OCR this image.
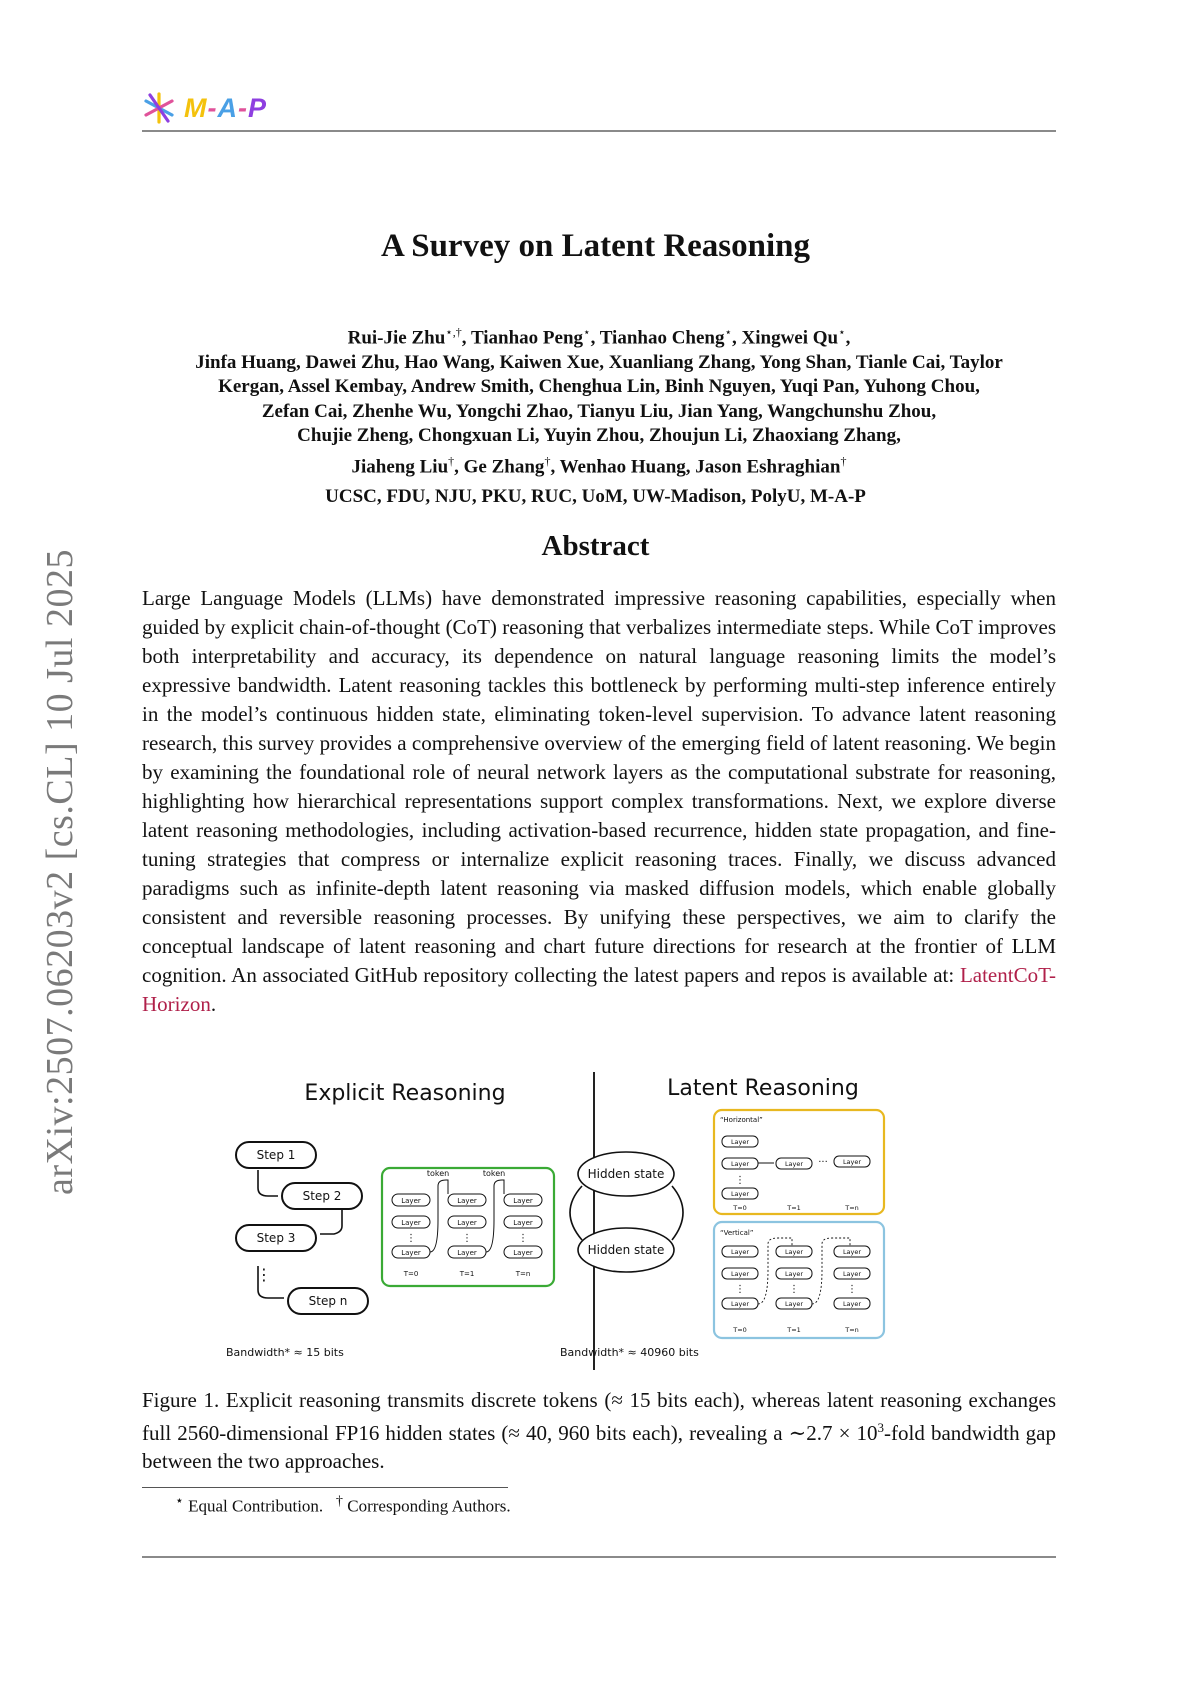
M-A-P
A Survey on Latent Reasoning
Rui-Jie Zhu⋆,†, Tianhao Peng⋆, Tianhao Cheng⋆, Xingwei Qu⋆,
Jinfa Huang, Dawei Zhu, Hao Wang, Kaiwen Xue, Xuanliang Zhang, Yong Shan, Tianle Cai, Taylor
Kergan, Assel Kembay, Andrew Smith, Chenghua Lin, Binh Nguyen, Yuqi Pan, Yuhong Chou,
Zefan Cai, Zhenhe Wu, Yongchi Zhao, Tianyu Liu, Jian Yang, Wangchunshu Zhou,
Chujie Zheng, Chongxuan Li, Yuyin Zhou, Zhoujun Li, Zhaoxiang Zhang,
Jiaheng Liu†, Ge Zhang†, Wenhao Huang, Jason Eshraghian†
UCSC, FDU, NJU, PKU, RUC, UoM, UW-Madison, PolyU, M-A-P
Abstract
Large Language Models (LLMs) have demonstrated impressive reasoning capabilities, especially when guided by explicit chain-of-thought (CoT) reasoning that verbalizes intermediate steps. While CoT improves both interpretability and accuracy, its dependence on natural language reasoning limits the model’s expressive bandwidth. Latent reasoning tackles this bottleneck by performing multi-step inference entirely in the model’s continuous hidden state, eliminating token-level supervision. To advance latent reasoning research, this survey provides a comprehensive overview of the emerging field of latent reasoning. We begin by examining the foundational role of neural network layers as the computational substrate for reasoning, highlighting how hierarchical representations support complex transformations. Next, we explore diverse latent reasoning methodologies, including activation-based recurrence, hidden state propagation, and fine-tuning strategies that compress or internalize explicit reasoning traces. Finally, we discuss advanced paradigms such as infinite-depth latent reasoning via masked diffusion models, which enable globally consistent and reversible reasoning processes. By unifying these perspectives, we aim to clarify the conceptual landscape of latent reasoning and chart future directions for research at the frontier of LLM cognition. An associated GitHub repository collecting the latest papers and repos is available at: LatentCoT-Horizon.
arXiv:2507.06203v2 [cs.CL] 10 Jul 2025	Explicit Reasoning	Latent Reasoning
Step 1
Step 2
Step 3
Step n
⋮
token	token
Layer	Layer	Layer
Layer	Layer	Layer
Layer	Layer	Layer
⋮	⋮	⋮
T=0	T=1	T=n
Bandwidth* ≈ 15 bits
Hidden state
Hidden state
“Horizontal”
Layer
Layer	Layer	Layer
Layer
⋮
···
T=0	T=1	T=n
“Vertical”
Layer	Layer	Layer
Layer	Layer	Layer
Layer	Layer	Layer
⋮	⋮	⋮
T=0	T=1	T=n
Bandwidth* ≈ 40960 bits
Figure 1. Explicit reasoning transmits discrete tokens (≈ 15 bits each), whereas latent reasoning exchanges full 2560-dimensional FP16 hidden states (≈ 40, 960 bits each), revealing a ∼2.7 × $10^3$-fold bandwidth gap between the two approaches.
⋆ Equal Contribution. † Corresponding Authors.
